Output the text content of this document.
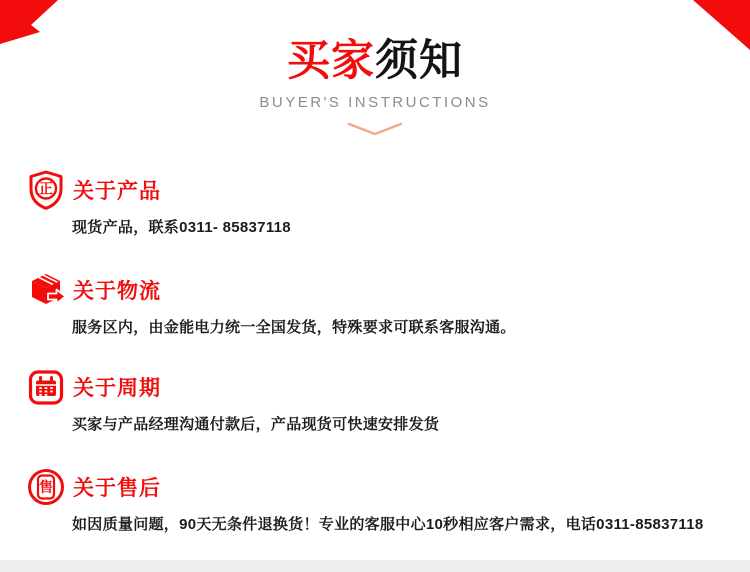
买家须知
BUYER'S INSTRUCTIONS
正 关于产品
现货产品，联系0311- 85837118
关于物流
服务区内，由金能电力统一全国发货，特殊要求可联系客服沟通。
关于周期
买家与产品经理沟通付款后，产品现货可快速安排发货
售 关于售后
如因质量问题，90天无条件退换货！专业的客服中心10秒相应客户需求，电话0311-85837118
